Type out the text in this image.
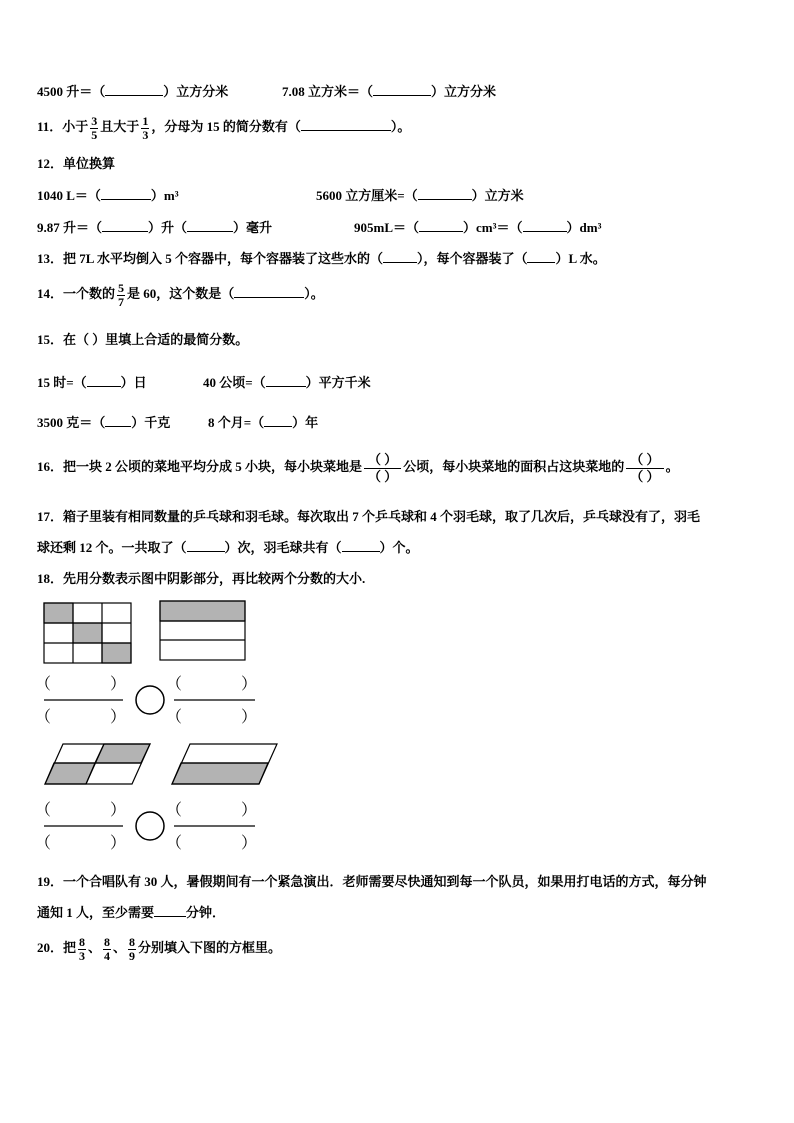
4500 升＝（	）立方分米	7.08 立方米＝（	）立方分米
11．小于 $\frac{3}{5}$ 且大于 $\frac{1}{3}$ ，分母为 15 的简分数有（	）。
12．单位换算
1040 L＝（	）m³	5600 立方厘米=（	）立方米
9.87 升＝（	）升（	）毫升	905mL＝（	）cm³＝（	）dm³
13．把 7L 水平均倒入 5 个容器中，每个容器装了这些水的（	），每个容器装了（ ）L 水。
14．一个数的 $\frac{5}{7}$ 是 60，这个数是（	）。
15．在（ ）里填上合适的最简分数。
15 时=（	）日	40 公顷=（	）平方千米
3500 克＝（ ）千克	8 个月=（ ）年
16．把一块 2 公顷的菜地平均分成 5 小块，每小块菜地是 $\frac{( )}{( )}$ 公顷，每小块菜地的面积占这块菜地的 $\frac{( )}{( )}$ 。
17．箱子里装有相同数量的乒乓球和羽毛球。每次取出 7 个乒乓球和 4 个羽毛球，取了几次后，乒乓球没有了，羽毛
球还剩 12 个。一共取了（	）次，羽毛球共有（	）个。
18．先用分数表示图中阴影部分，再比较两个分数的大小.
（	）
（	）
（	）
（	）
（	）
（	）
（	）
（	）
19．一个合唱队有 30 人，暑假期间有一个紧急演出．老师需要尽快通知到每一个队员，如果用打电话的方式，每分钟
通知 1 人，至少需要 分钟．
20．把 $\frac{8}{3}$ 、 $\frac{8}{4}$ 、 $\frac{8}{9}$ 分别填入下图的方框里。
